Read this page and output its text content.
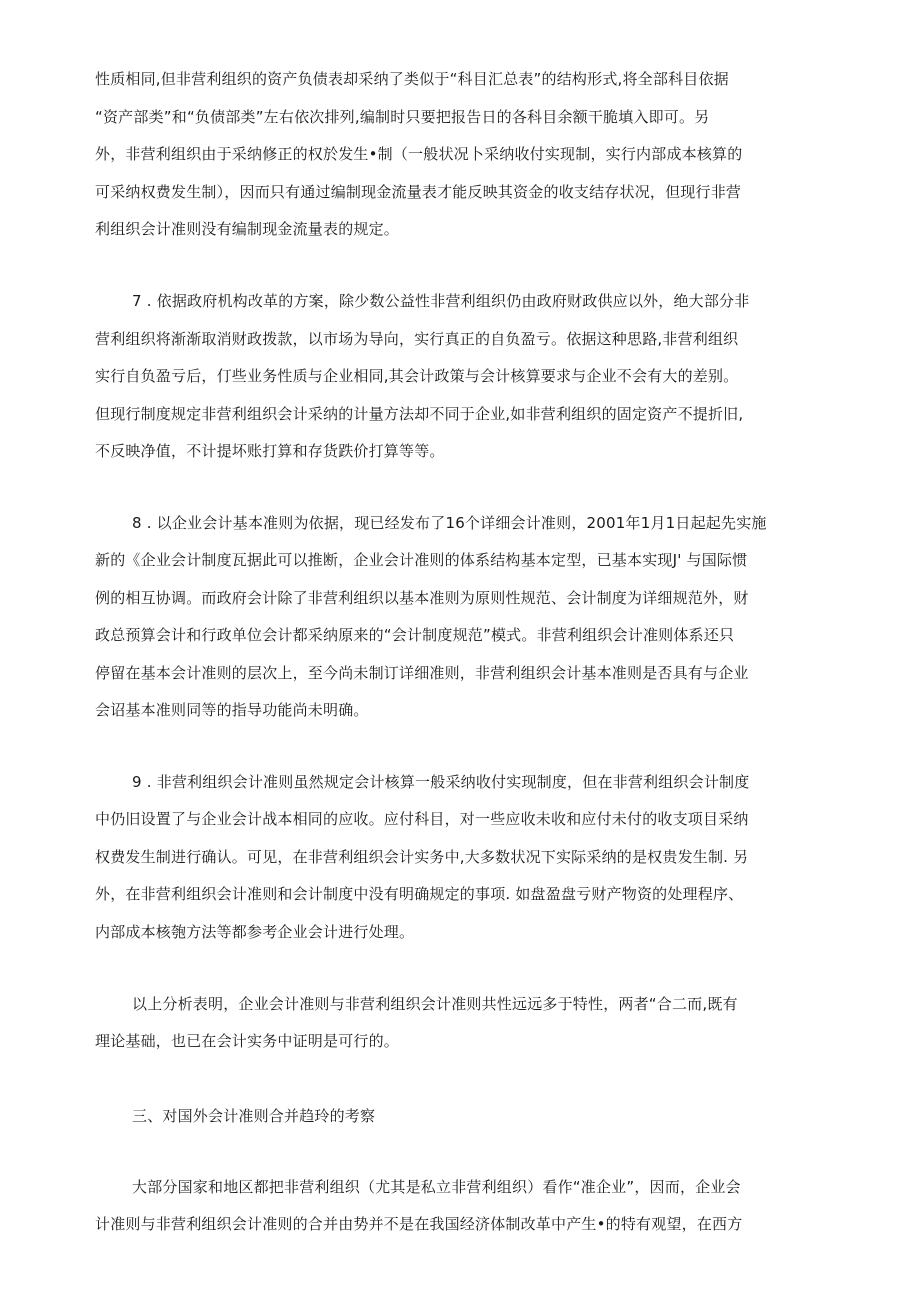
性质相同,但非营利组织的资产负债表却采纳了类似于“科目汇总表”的结构形式,将全部科目依据
“资产部类”和“负债部类”左右依次排列,编制时只要把报告日的各科目余额干脆填入即可。另
外，非营利组织由于采纳修正的权於发生•制（一般状况卜采纳收付实现制，实行内部成本核算的
可采纳权费发生制），因而只有通过编制现金流量表才能反映其资金的收支结存状况，但现行非营
利组织会计准则没有编制现金流量表的规定。
7 . 依据政府机构改革的方案，除少数公益性非营利组织仍由政府财政供应以外，绝大部分非
营利组织将渐渐取消财政拨款，以市场为导向，实行真正的自负盈亏。依据这种思路,非营利组织
实行自负盈亏后，仃些业务性质与企业相同,其会计政策与会计核算要求与企业不会有大的差别。
但现行制度规定非营利组织会计采纳的计量方法却不同于企业,如非营利组织的固定资产不提折旧,
不反映净值，不计提坏账打算和存货跌价打算等等。
8 . 以企业会计基本准则为依据，现已经发布了16个详细会计准则，2001年1月1日起起先实施
新的《企业会计制度瓦据此可以推断，企业会计准则的体系结构基本定型，已基本实现J' 与国际惯
例的相互协调。而政府会计除了非营利组织以基本准则为原则性规范、会计制度为详细规范外，财
政总预算会计和行政单位会计都采纳原来的“会计制度规范”模式。非营利组织会计准则体系还只
停留在基本会计准则的层次上，至今尚未制订详细准则，非营利组织会计基本准则是否具有与企业
会诏基本准则同等的指导功能尚未明确。
9 . 非营利组织会计准则虽然规定会计核算一般采纳收付实现制度，但在非营利组织会计制度
中仍旧设置了与企业会计战本相同的应收。应付科目，对一些应收未收和应付未付的收支项目采纳
权费发生制进行确认。可见，在非营利组织会计实务中,大多数状况下实际采纳的是权贵发生制. 另
外，在非营利组织会计准则和会计制度中没有明确规定的事项. 如盘盈盘亏财产物资的处理程序、
内部成本核匏方法等都参考企业会计进行处理。
以上分析表明，企业会计准则与非营利组织会计准则共性远远多于特性，两者“合二而,既有
理论基础，也已在会计实务中证明是可行的。
三、对国外会计准则合并趋玲的考察
大部分国家和地区都把非营利组织（尤其是私立非营利组织）看作“准企业”，因而，企业会
计准则与非营利组织会计准则的合并由势并不是在我国经济体制改革中产生•的特有观望，在西方
